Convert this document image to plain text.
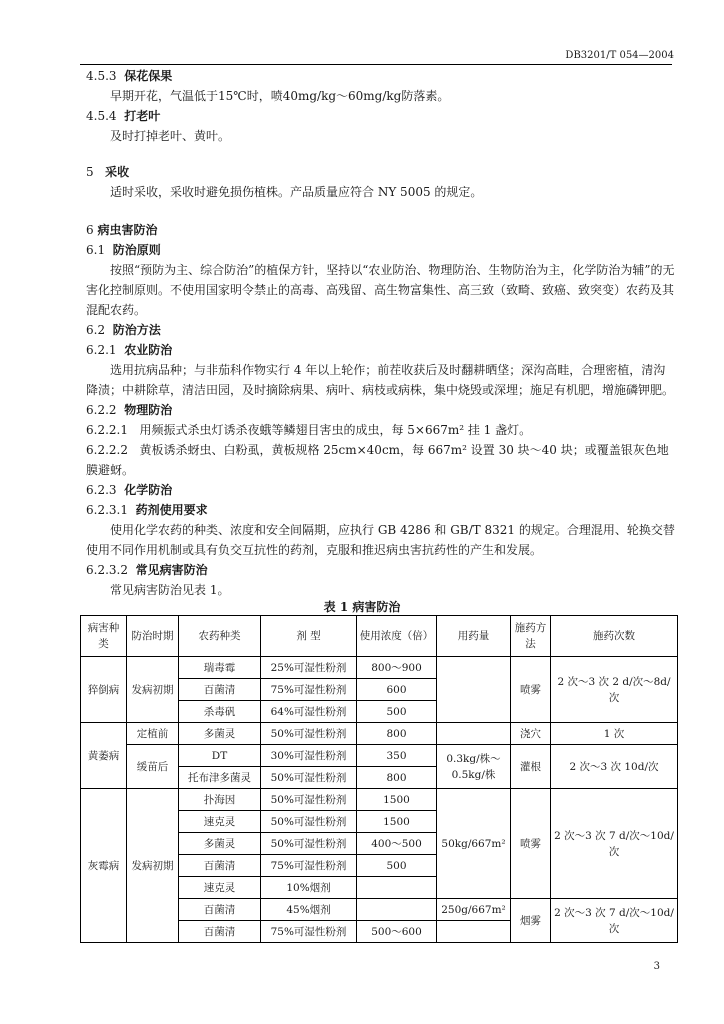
DB3201/T 054—2004
4.5.3 保花保果
早期开花，气温低于15℃时，喷40mg/kg～60mg/kg防落素。
4.5.4 打老叶
及时打掉老叶、黄叶。
5 采收
适时采收，采收时避免损伤植株。产品质量应符合 NY 5005 的规定。
6 病虫害防治
6.1 防治原则
按照“预防为主、综合防治”的植保方针，坚持以“农业防治、物理防治、生物防治为主，化学防治为辅”的无害化控制原则。不使用国家明令禁止的高毒、高残留、高生物富集性、高三致（致畸、致癌、致突变）农药及其混配农药。
6.2 防治方法
6.2.1 农业防治
选用抗病品种；与非茄科作物实行 4 年以上轮作；前茬收获后及时翻耕晒垡；深沟高畦，合理密植，清沟降渍；中耕除草，清洁田园，及时摘除病果、病叶、病枝或病株，集中烧毁或深埋；施足有机肥，增施磷钾肥。
6.2.2 物理防治
6.2.2.1 用频振式杀虫灯诱杀夜蛾等鳞翅目害虫的成虫，每 5×667m² 挂 1 盏灯。
6.2.2.2 黄板诱杀蚜虫、白粉虱，黄板规格 25cm×40cm，每 667m² 设置 30 块～40 块；或覆盖银灰色地膜避蚜。
6.2.3 化学防治
6.2.3.1 药剂使用要求
使用化学农药的种类、浓度和安全间隔期，应执行 GB 4286 和 GB/T 8321 的规定。合理混用、轮换交替使用不同作用机制或具有负交互抗性的药剂，克服和推迟病虫害抗药性的产生和发展。
6.2.3.2 常见病害防治
常见病害防治见表 1。
表 1 病害防治
病害种类	防治时期	农药种类	剂 型	使用浓度（倍）	用药量	施药方法	施药次数
猝倒病	发病初期	瑞毒霉	25%可湿性粉剂	800～900		喷雾	2 次～3 次 2 d/次～8d/次
		百菌清	75%可湿性粉剂	600			
		杀毒矾	64%可湿性粉剂	500			
黄萎病	定植前	多菌灵	50%可湿性粉剂	800		浇穴	1 次
	缓苗后	DT	30%可湿性粉剂	350	0.3kg/株～0.5kg/株	灌根	2 次～3 次 10d/次
		托布津多菌灵	50%可湿性粉剂	800			
灰霉病	发病初期	扑海因	50%可湿性粉剂	1500	50kg/667m²	喷雾	2 次～3 次 7 d/次～10d/次
		速克灵	50%可湿性粉剂	1500			
		多菌灵	50%可湿性粉剂	400～500			
		百菌清	75%可湿性粉剂	500			
		速克灵	10%烟剂				
		百菌清	45%烟剂		250g/667m²	烟雾	2 次～3 次 7 d/次～10d/次
		百菌清	75%可湿性粉剂	500～600			
3
